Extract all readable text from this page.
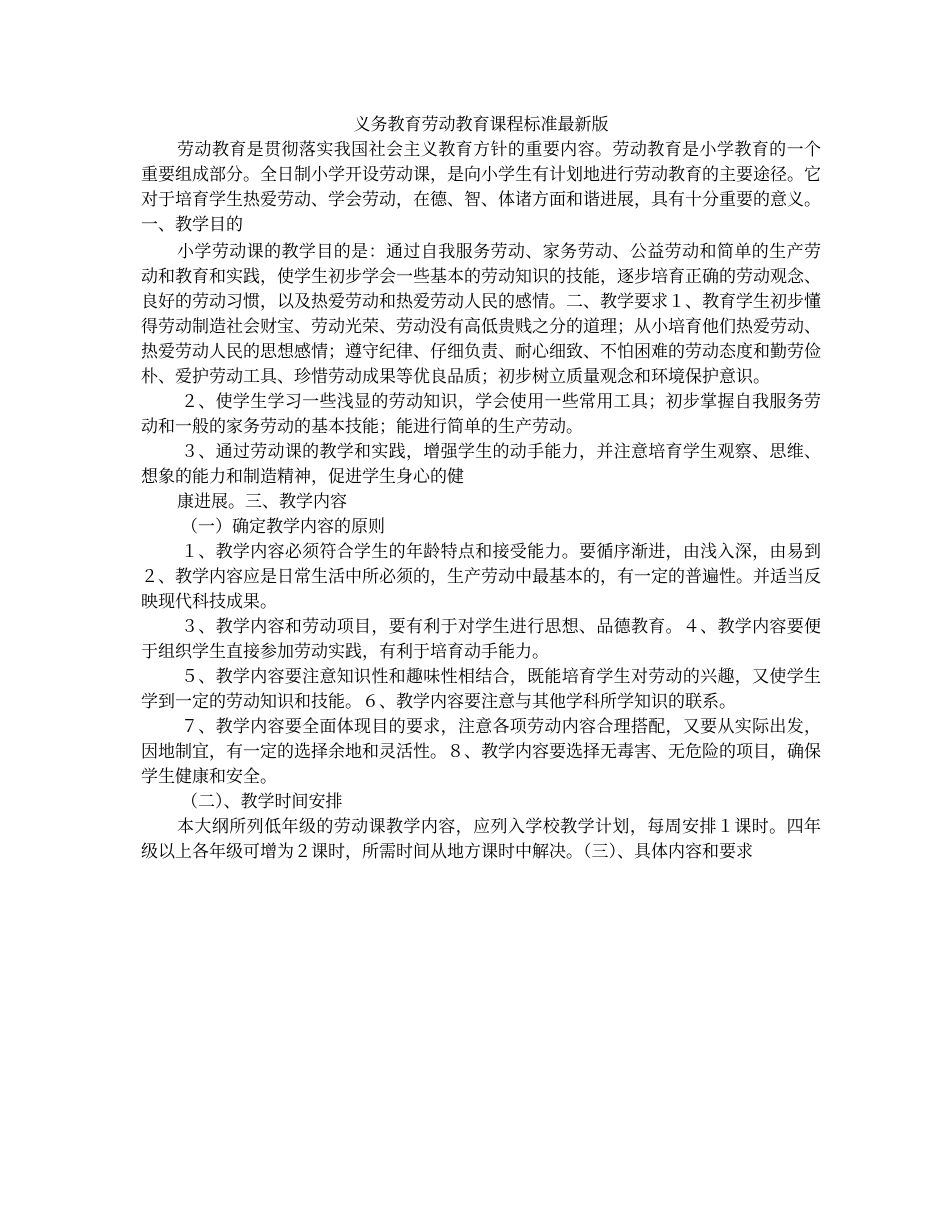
义务教育劳动教育课程标准最新版

劳动教育是贯彻落实我国社会主义教育方针的重要内容。劳动教育是小学教育的一个重要组成部分。全日制小学开设劳动课，是向小学生有计划地进行劳动教育的主要途径。它对于培育学生热爱劳动、学会劳动，在德、智、体诸方面和谐进展，具有十分重要的意义。一、教学目的

小学劳动课的教学目的是：通过自我服务劳动、家务劳动、公益劳动和简单的生产劳动和教育和实践，使学生初步学会一些基本的劳动知识的技能，逐步培育正确的劳动观念、良好的劳动习惯，以及热爱劳动和热爱劳动人民的感情。二、教学要求１、教育学生初步懂得劳动制造社会财宝、劳动光荣、劳动没有高低贵贱之分的道理；从小培育他们热爱劳动、热爱劳动人民的思想感情；遵守纪律、仔细负责、耐心细致、不怕困难的劳动态度和勤劳俭朴、爱护劳动工具、珍惜劳动成果等优良品质；初步树立质量观念和环境保护意识。

２、使学生学习一些浅显的劳动知识，学会使用一些常用工具；初步掌握自我服务劳动和一般的家务劳动的基本技能；能进行简单的生产劳动。

３、通过劳动课的教学和实践，增强学生的动手能力，并注意培育学生观察、思维、想象的能力和制造精神，促进学生身心的健

康进展。三、教学内容

（一）确定教学内容的原则

１、教学内容必须符合学生的年龄特点和接受能力。要循序渐进，由浅入深，由易到２、教学内容应是日常生活中所必须的，生产劳动中最基本的，有一定的普遍性。并适当反映现代科技成果。

３、教学内容和劳动项目，要有利于对学生进行思想、品德教育。４、教学内容要便于组织学生直接参加劳动实践，有利于培育动手能力。

５、教学内容要注意知识性和趣味性相结合，既能培育学生对劳动的兴趣，又使学生学到一定的劳动知识和技能。６、教学内容要注意与其他学科所学知识的联系。

７、教学内容要全面体现目的要求，注意各项劳动内容合理搭配，又要从实际出发，因地制宜，有一定的选择余地和灵活性。８、教学内容要选择无毒害、无危险的项目，确保学生健康和安全。

（二）、教学时间安排

本大纲所列低年级的劳动课教学内容，应列入学校教学计划，每周安排１课时。四年级以上各年级可增为２课时，所需时间从地方课时中解决。（三）、具体内容和要求
